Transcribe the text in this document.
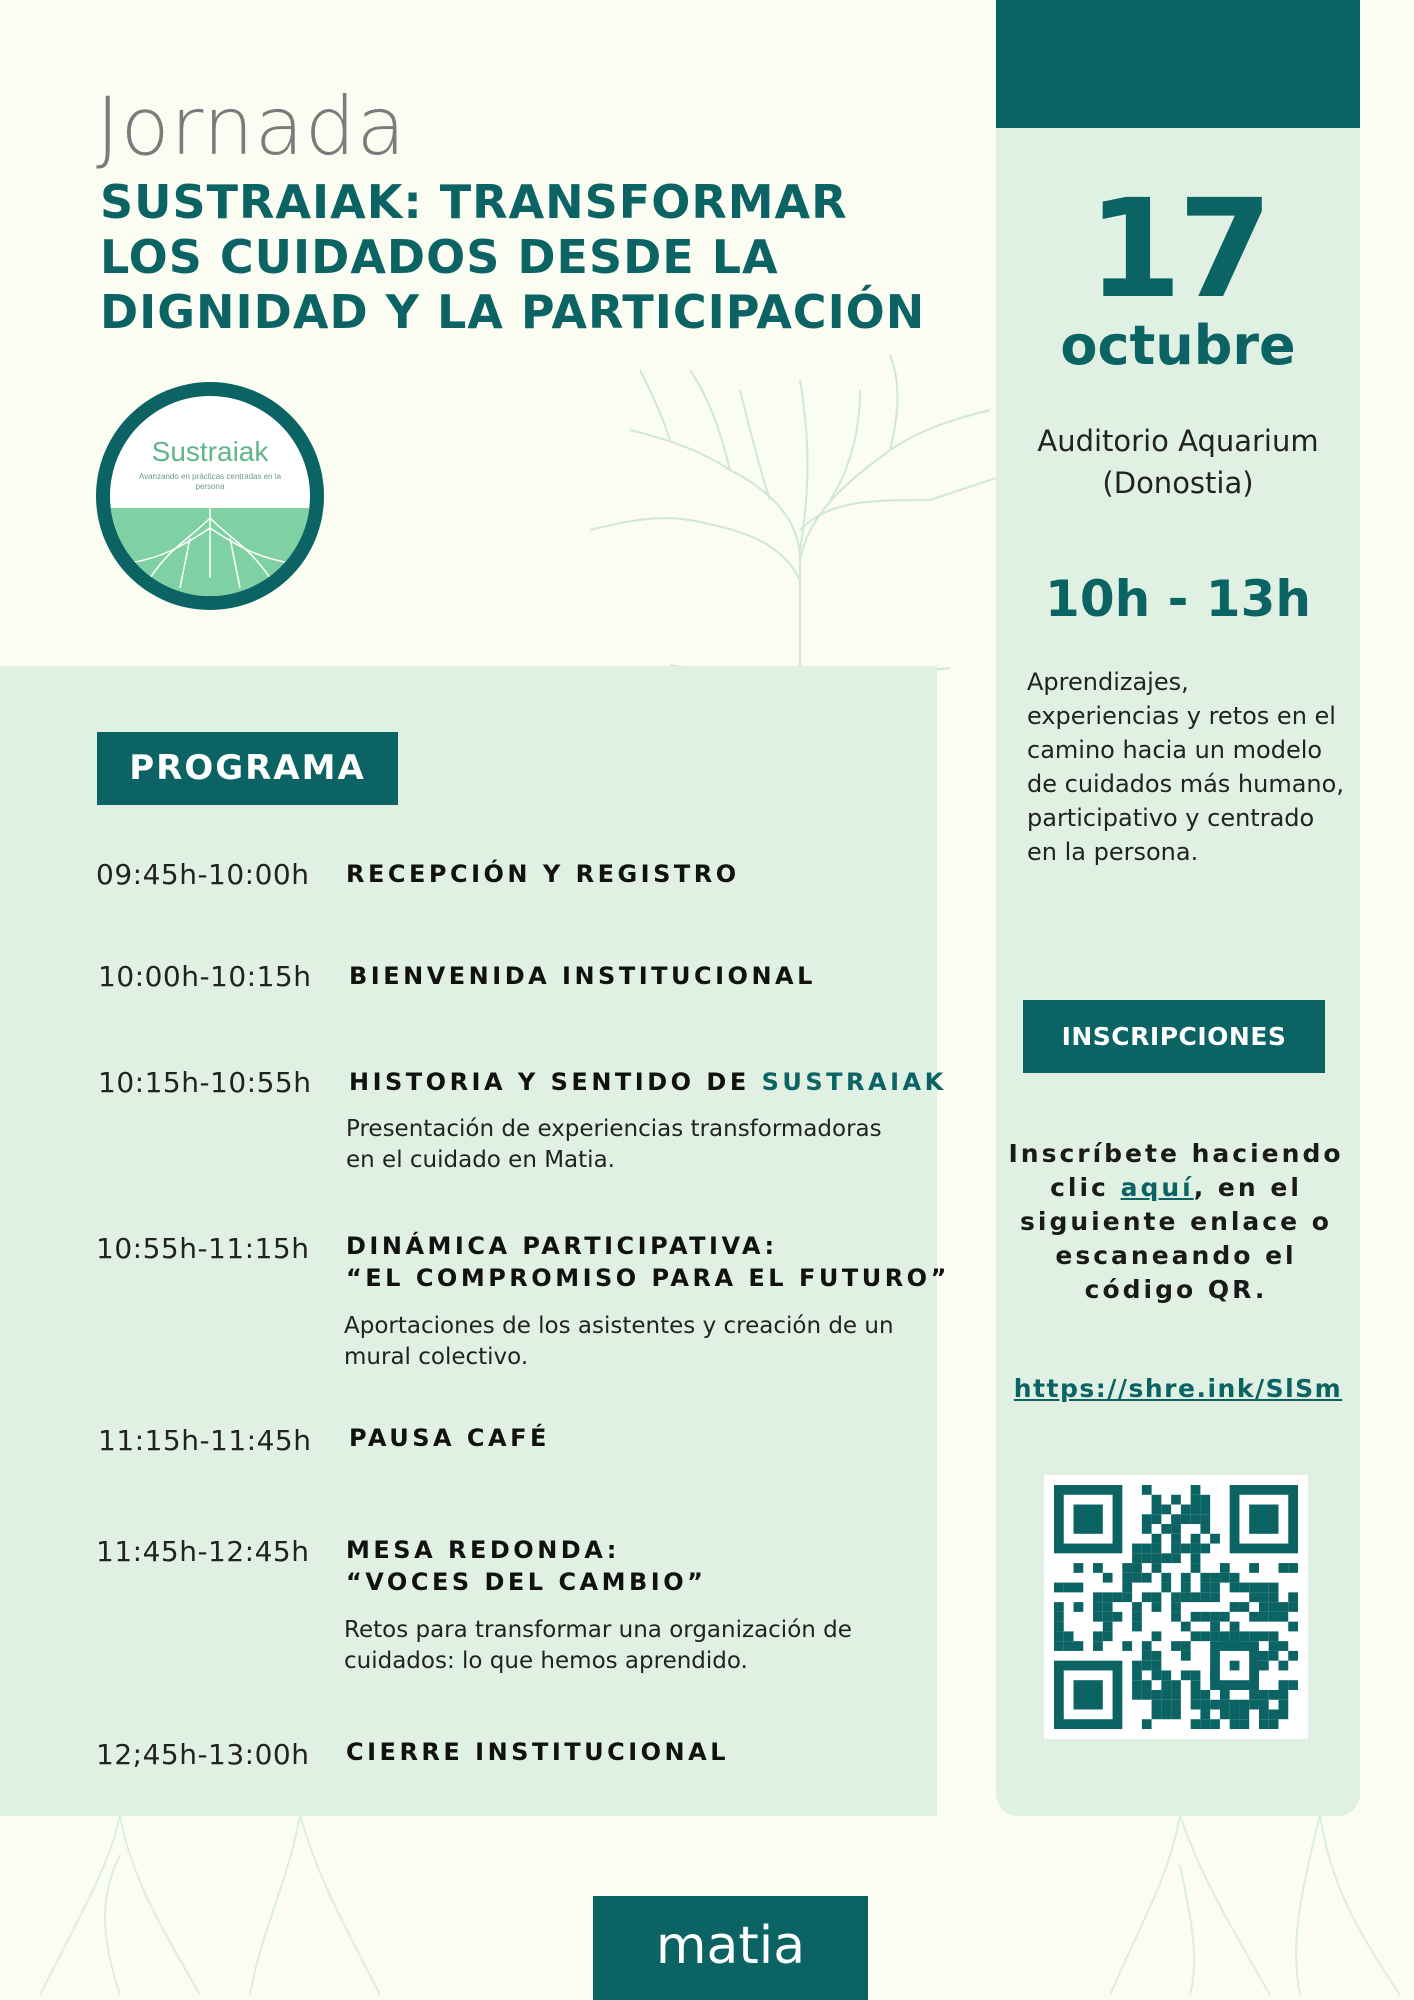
Jornada
SUSTRAIAK: TRANSFORMAR
LOS CUIDADOS DESDE LA
DIGNIDAD Y LA PARTICIPACIÓN
Sustraiak
Avanzando en prácticas centradas en la persona
17
octubre
Auditorio Aquarium
(Donostia)
10h - 13h
Aprendizajes, experiencias y retos en el camino hacia un modelo de cuidados más humano, participativo y centrado en la persona.
INSCRIPCIONES
Inscríbete haciendo clic aquí, en el siguiente enlace o escaneando el código QR.
https://shre.ink/SlSm
PROGRAMA
09:45h-10:00h RECEPCIÓN Y REGISTRO
10:00h-10:15h BIENVENIDA INSTITUCIONAL
10:15h-10:55h HISTORIA Y SENTIDO DE SUSTRAIAK
Presentación de experiencias transformadoras en el cuidado en Matia.
10:55h-11:15h DINÁMICA PARTICIPATIVA:
“EL COMPROMISO PARA EL FUTURO”
Aportaciones de los asistentes y creación de un mural colectivo.
11:15h-11:45h PAUSA CAFÉ
11:45h-12:45h MESA REDONDA:
“VOCES DEL CAMBIO”
Retos para transformar una organización de cuidados: lo que hemos aprendido.
12;45h-13:00h CIERRE INSTITUCIONAL
matia
